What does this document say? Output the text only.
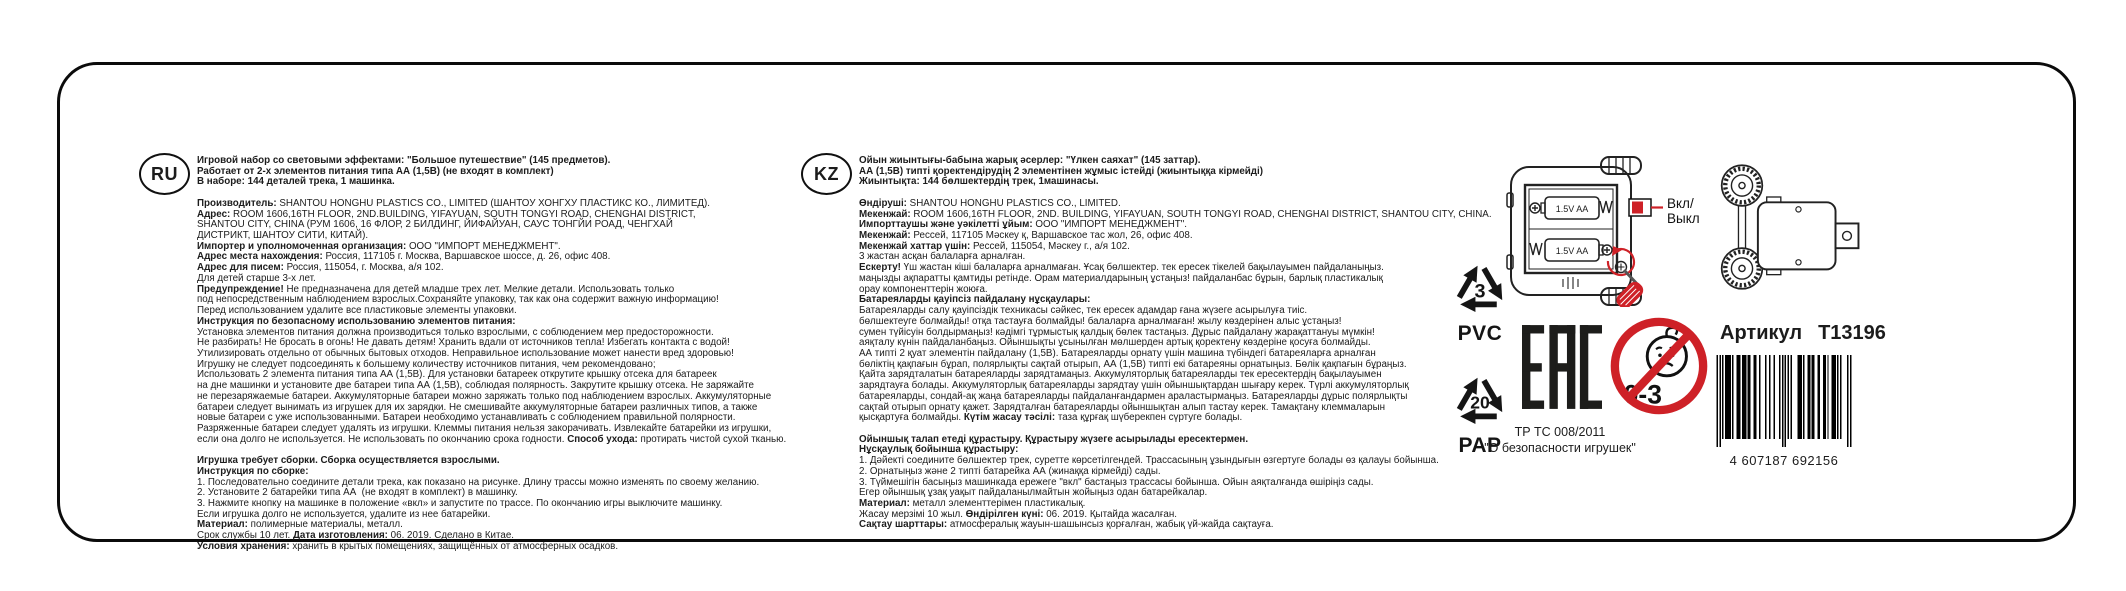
RU
Игровой набор со световыми эффектами: "Большое путешествие" (145 предметов).
Работает от 2-х элементов питания типа АА (1,5В) (не входят в комплект)
В наборе: 144 деталей трека, 1 машинка.

Производитель: SHANTOU HONGHU PLASTICS CO., LIMITED (ШАНТОУ ХОНГХУ ПЛАСТИКС КО., ЛИМИТЕД).
Адрес: ROOM 1606,16TH FLOOR, 2ND.BUILDING, YIFAYUAN, SOUTH TONGYI ROAD, CHENGHAI DISTRICT,
SHANTOU CITY, CHINA (РУМ 1606, 16 ФЛОР, 2 БИЛДИНГ, ЙИФАЙУАН, САУС ТОНГЙИ РОАД, ЧЕНГХАЙ
ДИСТРИКТ, ШАНТОУ СИТИ, КИТАЙ).
Импортер и уполномоченная организация: ООО "ИМПОРТ МЕНЕДЖМЕНТ".
Адрес места нахождения: Россия, 117105 г. Москва, Варшавское шоссе, д. 26, офис 408.
Адрес для писем: Россия, 115054, г. Москва, а/я 102.
Для детей старше 3-х лет.
Предупреждение! Не предназначена для детей младше трех лет. Мелкие детали. Использовать только
под непосредственным наблюдением взрослых.Сохраняйте упаковку, так как она содержит важную информацию!
Перед использованием удалите все пластиковые элементы упаковки.
Инструкция по безопасному использованию элементов питания:
Установка элементов питания должна производиться только взрослыми, с соблюдением мер предосторожности.
Не разбирать! Не бросать в огонь! Не давать детям! Хранить вдали от источников тепла! Избегать контакта с водой!
Утилизировать отдельно от обычных бытовых отходов. Неправильное использование может нанести вред здоровью!
Игрушку не следует подсоединять к большему количеству источников питания, чем рекомендовано;
Использовать 2 элемента питания типа АА (1,5В). Для установки батареек открутите крышку отсека для батареек
на дне машинки и установите две батареи типа АА (1,5В), соблюдая полярность. Закрутите крышку отсека. Не заряжайте
не перезаряжаемые батареи. Аккумуляторные батареи можно заряжать только под наблюдением взрослых. Аккумуляторные
батареи следует вынимать из игрушек для их зарядки. Не смешивайте аккумуляторные батареи различных типов, а также
новые батареи с уже использованными. Батареи необходимо устанавливать с соблюдением правильной полярности.
Разряженные батареи следует удалять из игрушки. Клеммы питания нельзя закорачивать. Извлекайте батарейки из игрушки,
если она долго не используется. Не использовать по окончанию срока годности. Способ ухода: протирать чистой сухой тканью.

Игрушка требует сборки. Сборка осуществляется взрослыми.
Инструкция по сборке:
1. Последовательно соедините детали трека, как показано на рисунке. Длину трассы можно изменять по своему желанию.
2. Установите 2 батарейки типа АА  (не входят в комплект) в машинку.
3. Нажмите кнопку на машинке в положение «вкл» и запустите по трассе. По окончанию игры выключите машинку.
Если игрушка долго не используется, удалите из нее батарейки.
Материал: полимерные материалы, металл.
Срок службы 10 лет. Дата изготовления: 06. 2019. Сделано в Китае.
Условия хранения: хранить в крытых помещениях, защищённых от атмосферных осадков.
KZ
Ойын жиынтығы-бабына жарық әсерлер: "Үлкен саяхат" (145 заттар).
АА (1,5В) типті қоректендірудің 2 элементінен жұмыс істейді (жиынтыққа кірмейді)
Жиынтықта: 144 бөлшектердің трек, 1машинасы.

Өндіруші: SHANTOU HONGHU PLASTICS CO., LIMITED.
Мекенжай: ROOM 1606,16TH FLOOR, 2ND. BUILDING, YIFAYUAN, SOUTH TONGYI ROAD, CHENGHAI DISTRICT, SHANTOU CITY, CHINA.
Импорттаушы және уәкілетті ұйым: ООО "ИМПОРТ МЕНЕДЖМЕНТ".
Мекенжай: Рессей, 117105 Мәскеу қ, Варшавское тас жол, 26, офис 408.
Мекенжай хаттар үшін: Рессей, 115054, Мәскеу г., а/я 102.
3 жастан асқан балаларға арналған.
Ескерту! Үш жастан кіші балаларға арналмаған. Ұсақ бөлшектер. тек ересек тікелей бақылауымен пайдаланыңыз.
маңызды ақпаратты қамтиды ретінде. Орам материалдарының ұстаңыз! пайдаланбас бұрын, барлық пластикалық
орау компоненттерін жоюға.
Батареяларды қауіпсіз пайдалану нұсқаулары:
Батареяларды салу қауіпсіздік техникасы сәйкес, тек ересек адамдар ғана жүзеге асырылуға тиіс.
бөлшектеуге болмайды! отқа тастауға болмайды! балаларға арналмаған! жылу көздерінен алыс ұстаңыз!
сумен түйісуін болдырмаңыз! кәдімгі тұрмыстық қалдық бөлек тастаңыз. Дұрыс пайдалану жарақаттануы мүмкін!
аяқталу күнін пайдаланбаңыз. Ойыншықты ұсынылған мөлшерден артық қоректену көздеріне қосуға болмайды.
АА типті 2 қуат элементін пайдалану (1,5В). Батареяларды орнату үшін машина түбіндегі батареяларға арналған
бөліктің қақпағын бұрап, полярлықты сақтай отырып, АА (1,5В) типті екі батареяны орнатыңыз. Бөлік қақпағын бұраңыз.
Қайта зарядталатын батареяларды зарядтамаңыз. Аккумуляторлық батареяларды тек ересектердің бақылауымен
зарядтауға болады. Аккумуляторлық батареяларды зарядтау үшін ойыншықтардан шығару керек. Түрлі аккумуляторлық
батареяларды, сондай-ақ жаңа батареяларды пайдаланғандармен араластырмаңыз. Батареяларды дұрыс полярлықты
сақтай отырып орнату қажет. Зарядталған батареяларды ойыншықтан алып тастау керек. Тамақтану клеммаларын
қысқартуға болмайды. Күтім жасау тәсілі: таза құрғақ шүберекпен сүртуге болады.

Ойыншық талап етеді құрастыру. Құрастыру жүзеге асырылады ересектермен.
Нұсқаулық бойынша құрастыру:
1. Дәйекті соедините бөлшектер трек, суретте көрсетілгендей. Трассасының ұзындығын өзгертуге болады өз қалауы бойынша.
2. Орнатыңыз және 2 типті батарейка АА (жинаққа кірмейді) сады.
3. Түймешігін басыңыз машинкада ережеге "вкл" бастаңыз трассасы бойынша. Ойын аяқталғанда өшіріңіз сады.
Егер ойыншық ұзақ уақыт пайдаланылмайтын жойыңыз одан батарейкалар.
Материал: металл элементтерімен пластикалық.
Жасау мерзімі 10 жыл. Өндірілген күні: 06. 2019. Қытайда жасалған.
Сақтау шарттары: атмосфералық жауын-шашынсыз қорғалған, жабық үй-жайда сақтауға.
1.5V AA
1.5V AA
Вкл/
Выкл
3
PVC
20
PAP
ТР ТС 008/2011
"О безопасности игрушек"
0-3
Артикул Т13196
4 607187 692156
